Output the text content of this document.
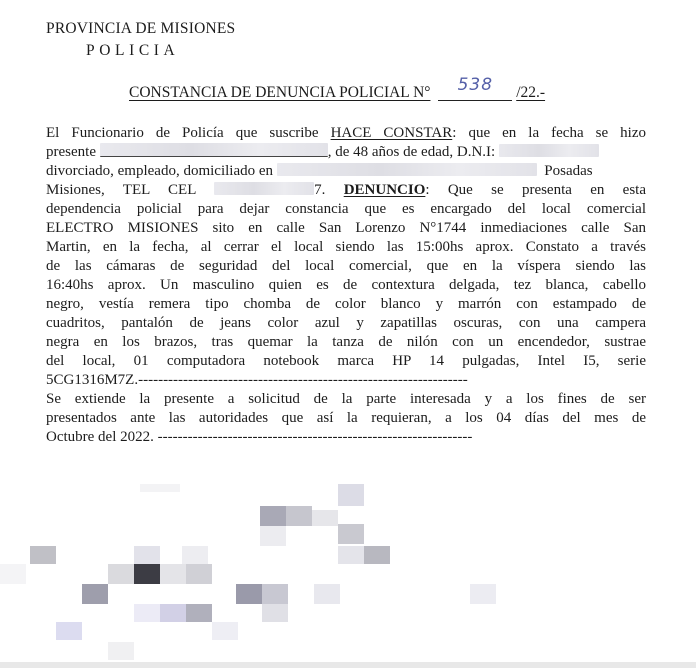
PROVINCIA DE MISIONES
POLICIA
CONSTANCIA DE DENUNCIA POLICIAL N° 538 /22.-
El Funcionario de Policía que suscribe HACE CONSTAR: que en la fecha se hizo
presente	, de 48 años de edad, D.N.I:
divorciado, empleado, domiciliado en	Posadas
Misiones, TEL CEL	7. DENUNCIO: Que se presenta en esta
dependencia policial para dejar constancia que es encargado del local comercial
ELECTRO MISIONES sito en calle San Lorenzo N°1744 inmediaciones calle San
Martin, en la fecha, al cerrar el local siendo las 15:00hs aprox. Constato a través
de las cámaras de seguridad del local comercial, que en la víspera siendo las
16:40hs aprox. Un masculino quien es de contextura delgada, tez blanca, cabello
negro, vestía remera tipo chomba de color blanco y marrón con estampado de
cuadritos, pantalón de jeans color azul y zapatillas oscuras, con una campera
negra en los brazos, tras quemar la tanza de nilón con un encendedor, sustrae
del local, 01 computadora notebook marca HP 14 pulgadas, Intel I5, serie
5CG1316M7Z.------------------------------------------------------------------
Se extiende la presente a solicitud de la parte interesada y a los fines de ser
presentados ante las autoridades que así la requieran, a los 04 días del mes de
Octubre del 2022. ---------------------------------------------------------------
